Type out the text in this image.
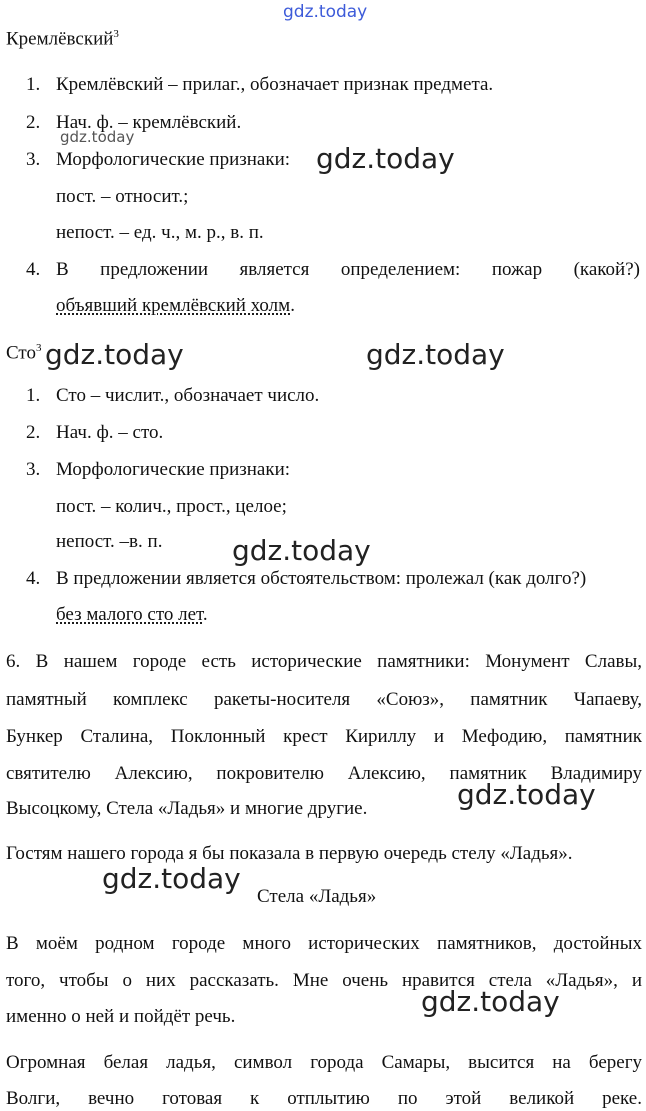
gdz.today
gdz.today
gdz.today
gdz.today	gdz.today
gdz.today
gdz.today
gdz.today
gdz.today
Кремлёвский$^3$
1. Кремлёвский – прилаг., обозначает признак предмета.
2. Нач. ф. – кремлёвский.
3. Морфологические признаки:
пост. – относит.;
непост. – ед. ч., м. р., в. п.
4. В предложении является определением: пожар (какой?)
объявший кремлёвский холм.
Сто$^3$
1. Сто – числит., обозначает число.
2. Нач. ф. – сто.
3. Морфологические признаки:
пост. – колич., прост., целое;
непост. –в. п.
4. В предложении является обстоятельством: пролежал (как долго?)
без малого сто лет.
6. В нашем городе есть исторические памятники: Монумент Славы,
памятный комплекс ракеты-носителя «Союз», памятник Чапаеву,
Бункер Сталина, Поклонный крест Кириллу и Мефодию, памятник
святителю Алексию, покровителю Алексию, памятник Владимиру
Высоцкому, Стела «Ладья» и многие другие.
Гостям нашего города я бы показала в первую очередь стелу «Ладья».
Стела «Ладья»
В моём родном городе много исторических памятников, достойных
того, чтобы о них рассказать. Мне очень нравится стела «Ладья», и
именно о ней и пойдёт речь.
Огромная белая ладья, символ города Самары, высится на берегу
Волги, вечно готовая к отплытию по этой великой реке.
